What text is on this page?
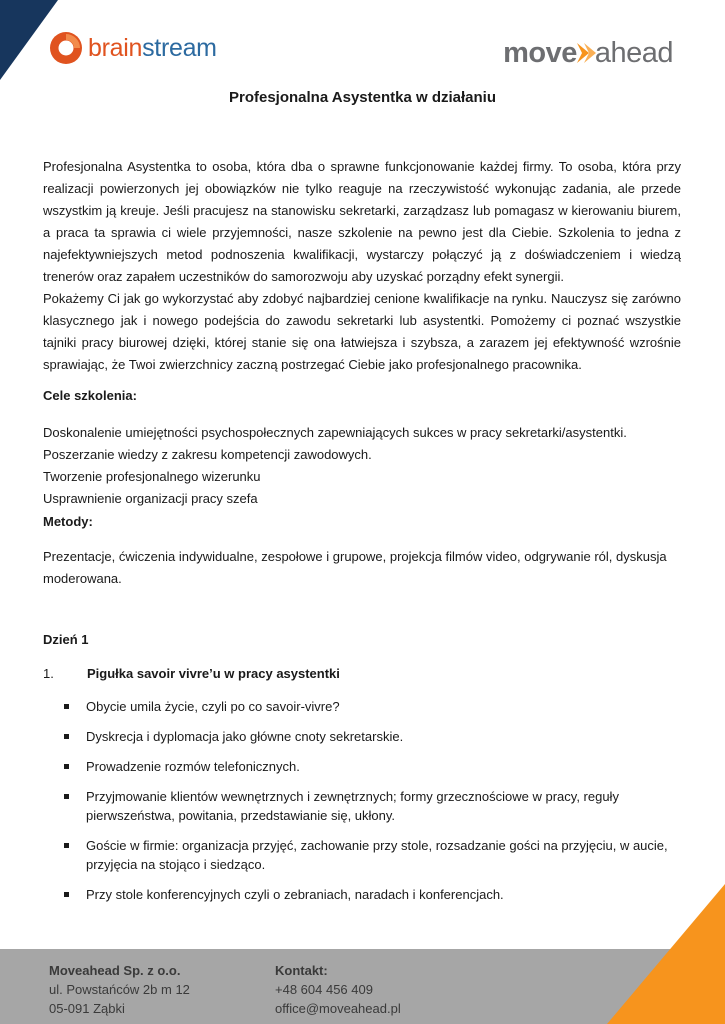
brainstream	move ahead
Profesjonalna Asystentka w działaniu

Profesjonalna Asystentka to osoba, która dba o sprawne funkcjonowanie każdej firmy. To osoba, która przy realizacji powierzonych jej obowiązków nie tylko reaguje na rzeczywistość wykonując zadania, ale przede wszystkim ją kreuje. Jeśli pracujesz na stanowisku sekretarki, zarządzasz lub pomagasz w kierowaniu biurem, a praca ta sprawia ci wiele przyjemności, nasze szkolenie na pewno jest dla Ciebie. Szkolenia to jedna z najefektywniejszych metod podnoszenia kwalifikacji, wystarczy połączyć ją z doświadczeniem i wiedzą trenerów oraz zapałem uczestników do samorozwoju aby uzyskać porządny efekt synergii.

Pokażemy Ci jak go wykorzystać aby zdobyć najbardziej cenione kwalifikacje na rynku. Nauczysz się zarówno klasycznego jak i nowego podejścia do zawodu sekretarki lub asystentki. Pomożemy ci poznać wszystkie tajniki pracy biurowej dzięki, której stanie się ona łatwiejsza i szybsza, a zarazem jej efektywność wzrośnie sprawiając, że Twoi zwierzchnicy zaczną postrzegać Ciebie jako profesjonalnego pracownika.

Cele szkolenia:

Doskonalenie umiejętności psychospołecznych zapewniających sukces w pracy sekretarki/asystentki.

Poszerzanie wiedzy z zakresu kompetencji zawodowych.

Tworzenie profesjonalnego wizerunku

Usprawnienie organizacji pracy szefa

Metody:

Prezentacje, ćwiczenia indywidualne, zespołowe i grupowe, projekcja filmów video, odgrywanie ról, dyskusja moderowana.

Dzień 1

1.	Pigułka savoir vivre’u w pracy asystentki
Obycie umila życie, czyli po co savoir-vivre?
Dyskrecja i dyplomacja jako główne cnoty sekretarskie.
Prowadzenie rozmów telefonicznych.
Przyjmowanie klientów wewnętrznych i zewnętrznych; formy grzecznościowe w pracy, reguły pierwszeństwa, powitania, przedstawianie się, ukłony.
Goście w firmie: organizacja przyjęć, zachowanie przy stole, rozsadzanie gości na przyjęciu, w aucie, przyjęcia na stojąco i siedząco.
Przy stole konferencyjnych czyli o zebraniach, naradach i konferencjach.
Moveahead Sp. z o.o.
ul. Powstańców 2b m 12
05-091 Ząbki
Kontakt:
+48 604 456 409
office@moveahead.pl
